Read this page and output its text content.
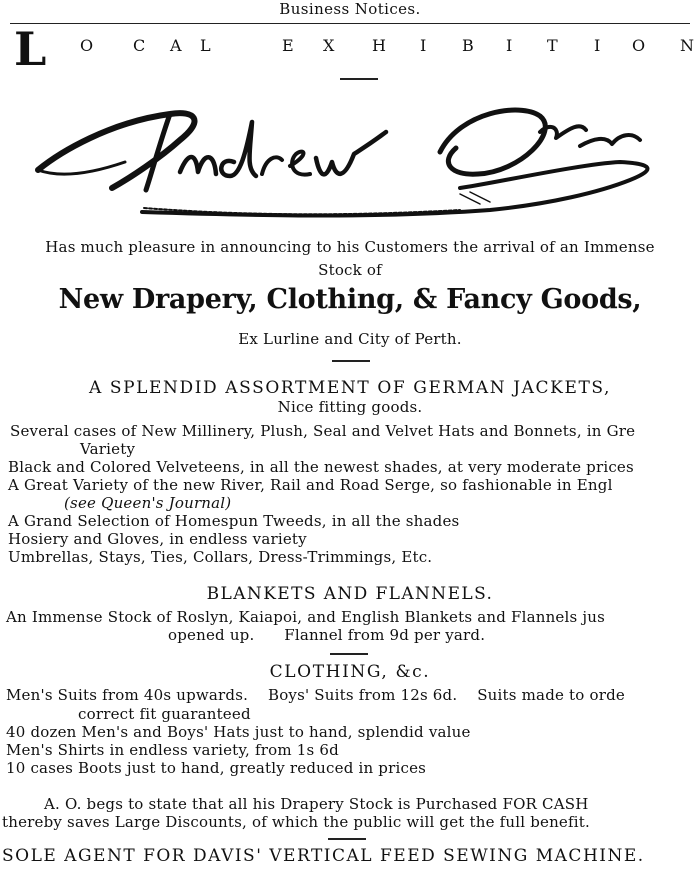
Business Notices.
L O C A L	E X H I B I T I O N
Has much pleasure in announcing to his Customers the arrival of an Immense
Stock of
New Drapery, Clothing, & Fancy Goods,
Ex Lurline and City of Perth.
A SPLENDID ASSORTMENT OF GERMAN JACKETS,
Nice fitting goods.
Several cases of New Millinery, Plush, Seal and Velvet Hats and Bonnets, in Gre
Variety
Black and Colored Velveteens, in all the newest shades, at very moderate prices
A Great Variety of the new River, Rail and Road Serge, so fashionable in Engl
(see Queen's Journal)
A Grand Selection of Homespun Tweeds, in all the shades
Hosiery and Gloves, in endless variety
Umbrellas, Stays, Ties, Collars, Dress-Trimmings, Etc.
BLANKETS AND FLANNELS.
An Immense Stock of Roslyn, Kaiapoi, and English Blankets and Flannels jus
opened up.      Flannel from 9d per yard.
CLOTHING, &c.
Men's Suits from 40s upwards.    Boys' Suits from 12s 6d.    Suits made to orde
correct fit guaranteed
40 dozen Men's and Boys' Hats just to hand, splendid value
Men's Shirts in endless variety, from 1s 6d
10 cases Boots just to hand, greatly reduced in prices
A. O. begs to state that all his Drapery Stock is Purchased FOR CASH
thereby saves Large Discounts, of which the public will get the full benefit.
SOLE AGENT FOR DAVIS' VERTICAL FEED SEWING MACHINE.
